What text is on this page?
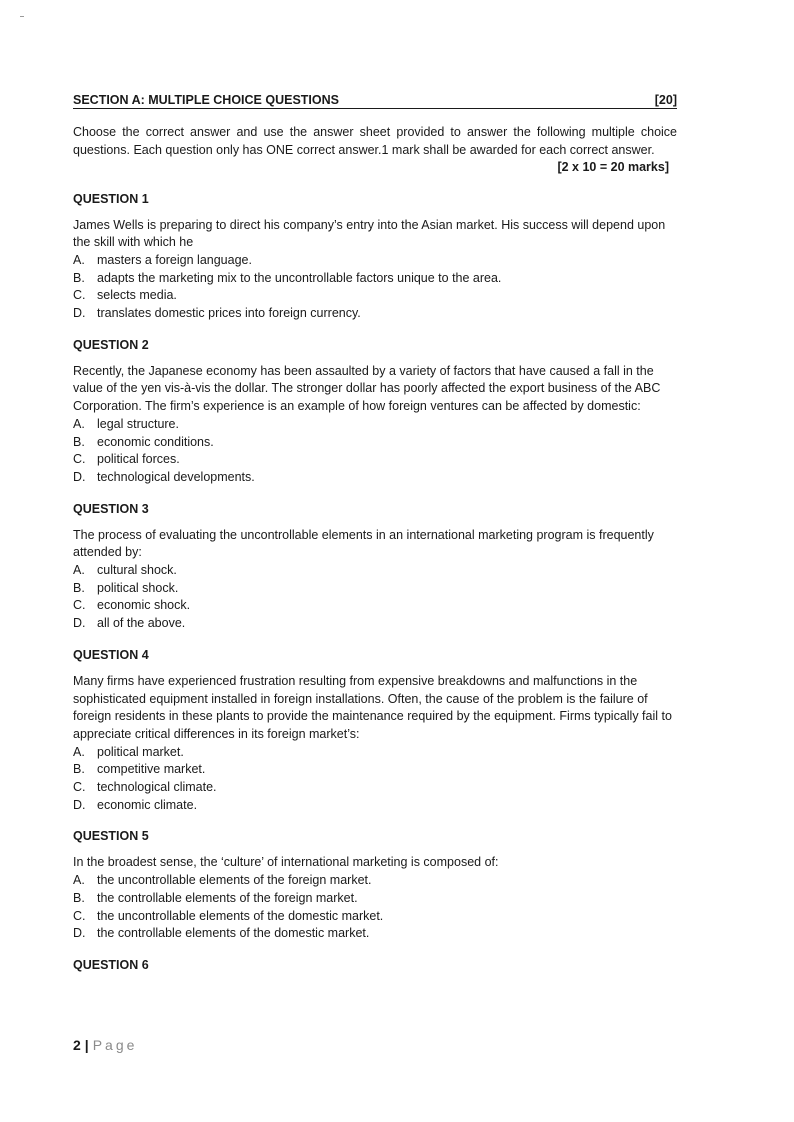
SECTION A: MULTIPLE CHOICE QUESTIONS	[20]
Choose the correct answer and use the answer sheet provided to answer the following multiple choice questions. Each question only has ONE correct answer.1 mark shall be awarded for each correct answer.
[2 x 10 = 20 marks]
QUESTION 1
James Wells is preparing to direct his company’s entry into the Asian market. His success will depend upon the skill with which he
A. masters a foreign language.
B. adapts the marketing mix to the uncontrollable factors unique to the area.
C. selects media.
D. translates domestic prices into foreign currency.
QUESTION 2
Recently, the Japanese economy has been assaulted by a variety of factors that have caused a fall in the value of the yen vis-à-vis the dollar. The stronger dollar has poorly affected the export business of the ABC Corporation. The firm’s experience is an example of how foreign ventures can be affected by domestic:
A. legal structure.
B. economic conditions.
C. political forces.
D. technological developments.
QUESTION 3
The process of evaluating the uncontrollable elements in an international marketing program is frequently attended by:
A. cultural shock.
B. political shock.
C. economic shock.
D. all of the above.
QUESTION 4
Many firms have experienced frustration resulting from expensive breakdowns and malfunctions in the sophisticated equipment installed in foreign installations. Often, the cause of the problem is the failure of foreign residents in these plants to provide the maintenance required by the equipment. Firms typically fail to appreciate critical differences in its foreign market’s:
A. political market.
B. competitive market.
C. technological climate.
D. economic climate.
QUESTION 5
In the broadest sense, the ‘culture’ of international marketing is composed of:
A. the uncontrollable elements of the foreign market.
B. the controllable elements of the foreign market.
C. the uncontrollable elements of the domestic market.
D. the controllable elements of the domestic market.
QUESTION 6
2 | Page
